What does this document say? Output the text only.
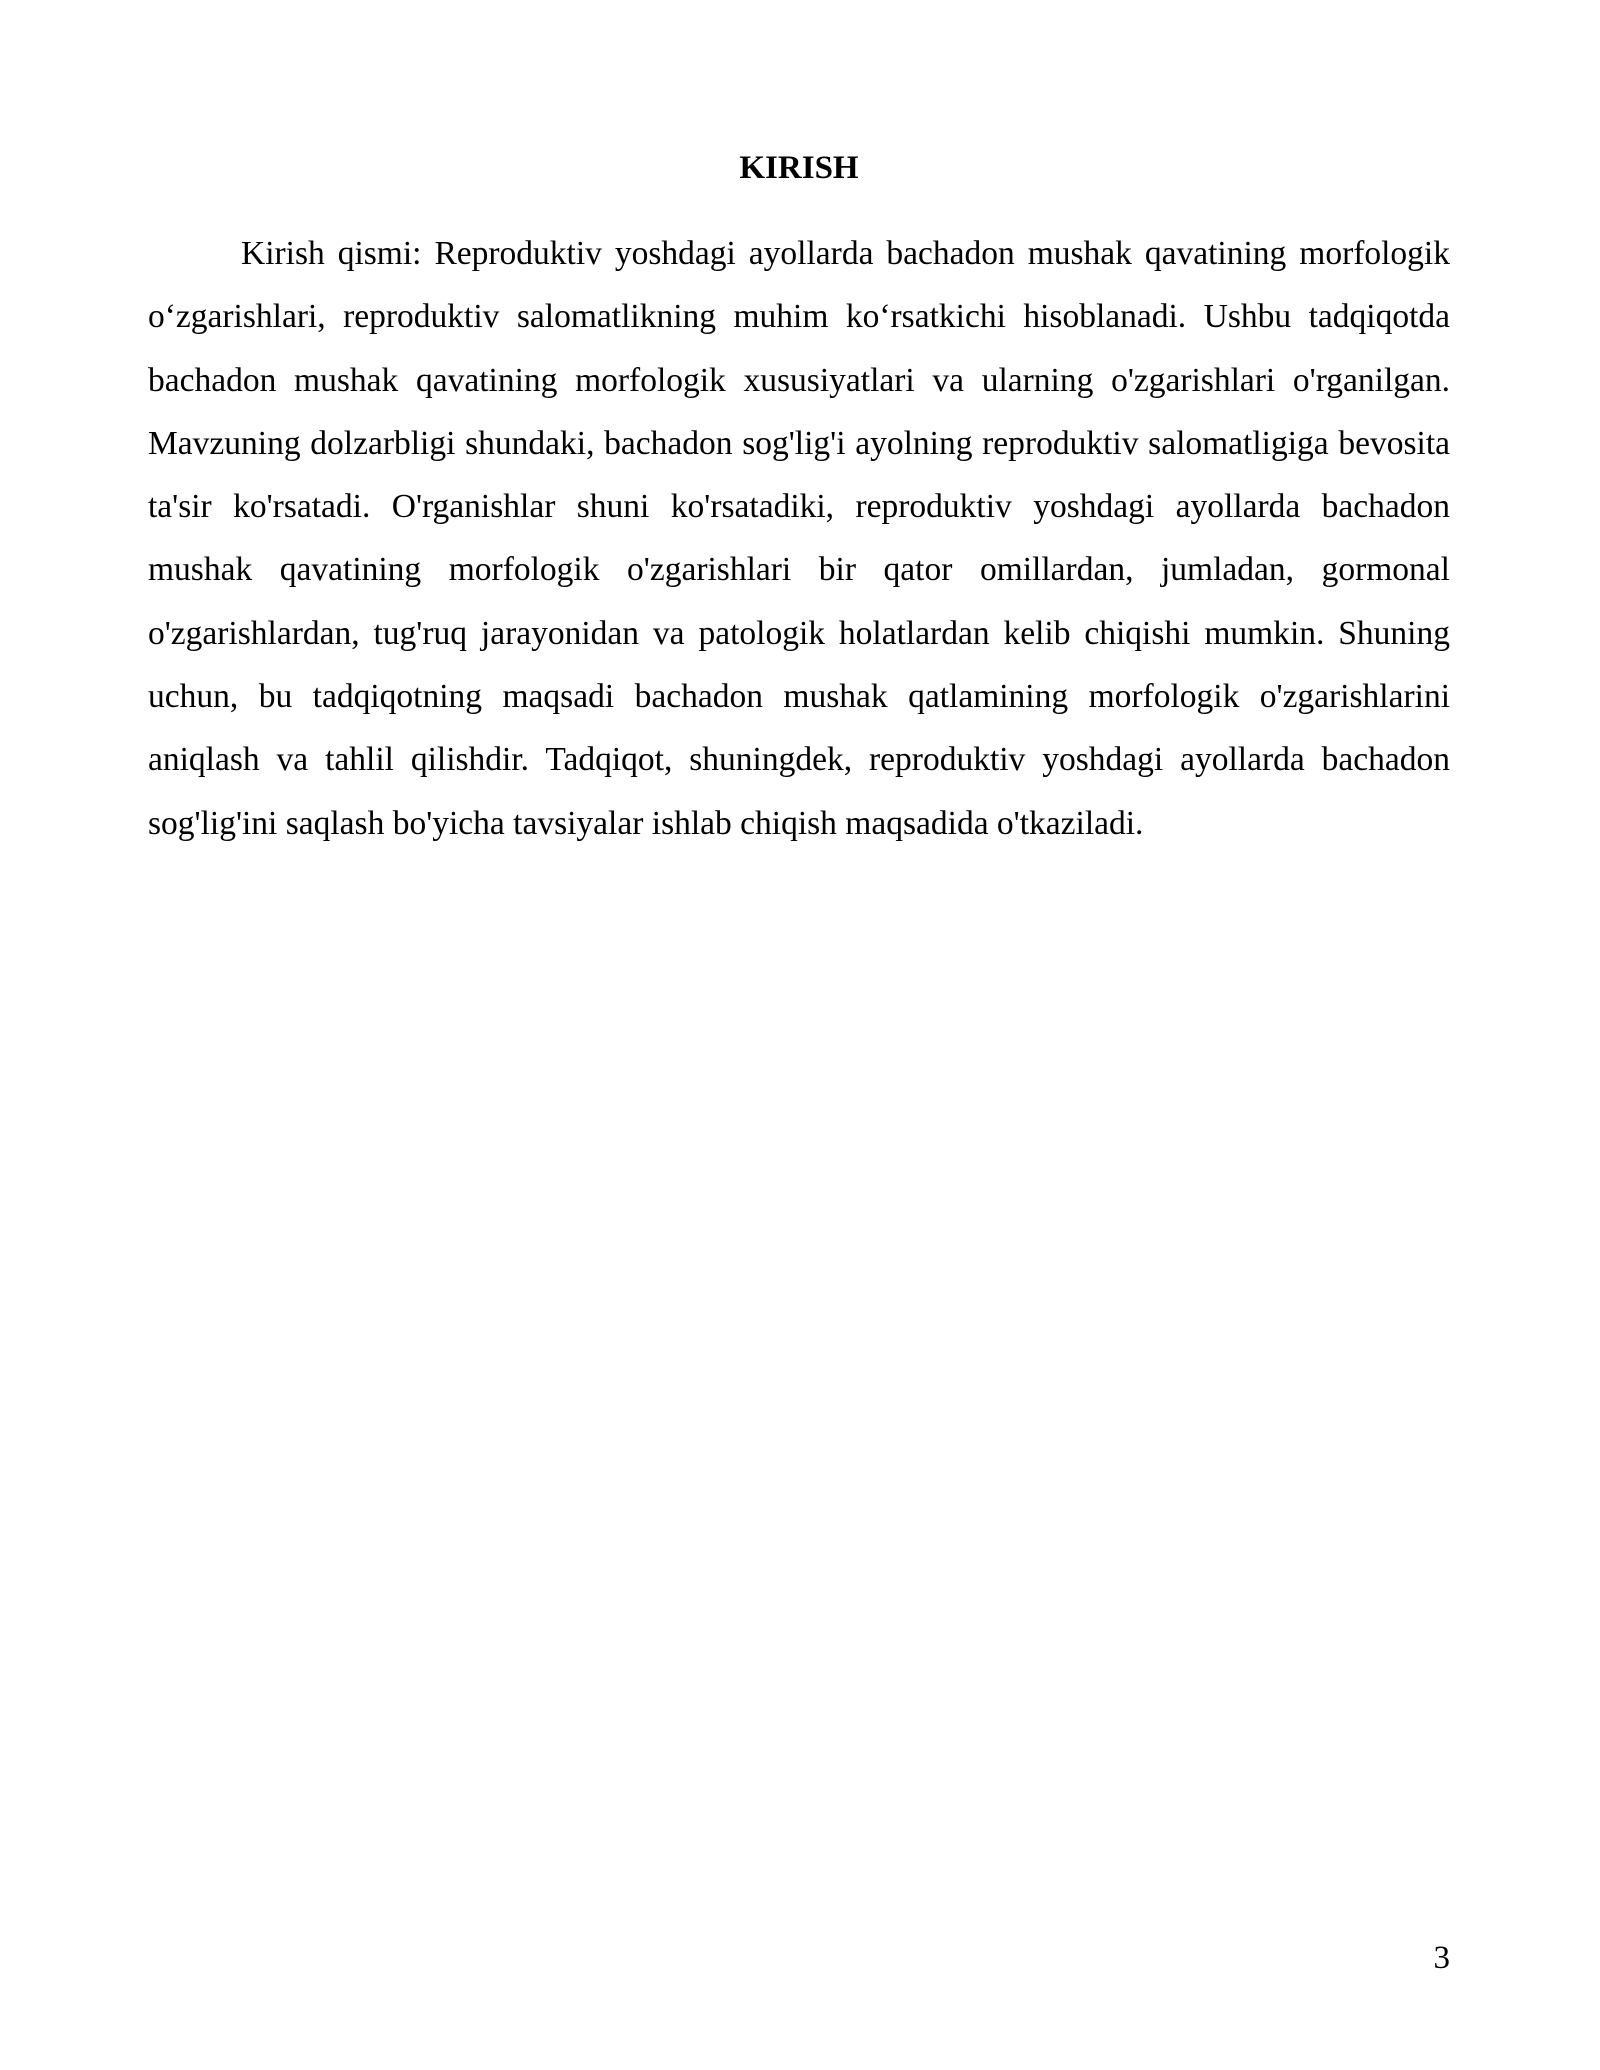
KIRISH

Kirish qismi: Reproduktiv yoshdagi ayollarda bachadon mushak qavatining morfologik o‘zgarishlari, reproduktiv salomatlikning muhim ko‘rsatkichi hisoblanadi. Ushbu tadqiqotda bachadon mushak qavatining morfologik xususiyatlari va ularning o'zgarishlari o'rganilgan. Mavzuning dolzarbligi shundaki, bachadon sog'lig'i ayolning reproduktiv salomatligiga bevosita ta'sir ko'rsatadi. O'rganishlar shuni ko'rsatadiki, reproduktiv yoshdagi ayollarda bachadon mushak qavatining morfologik o'zgarishlari bir qator omillardan, jumladan, gormonal o'zgarishlardan, tug'ruq jarayonidan va patologik holatlardan kelib chiqishi mumkin. Shuning uchun, bu tadqiqotning maqsadi bachadon mushak qatlamining morfologik o'zgarishlarini aniqlash va tahlil qilishdir. Tadqiqot, shuningdek, reproduktiv yoshdagi ayollarda bachadon sog'lig'ini saqlash bo'yicha tavsiyalar ishlab chiqish maqsadida o'tkaziladi.

3
